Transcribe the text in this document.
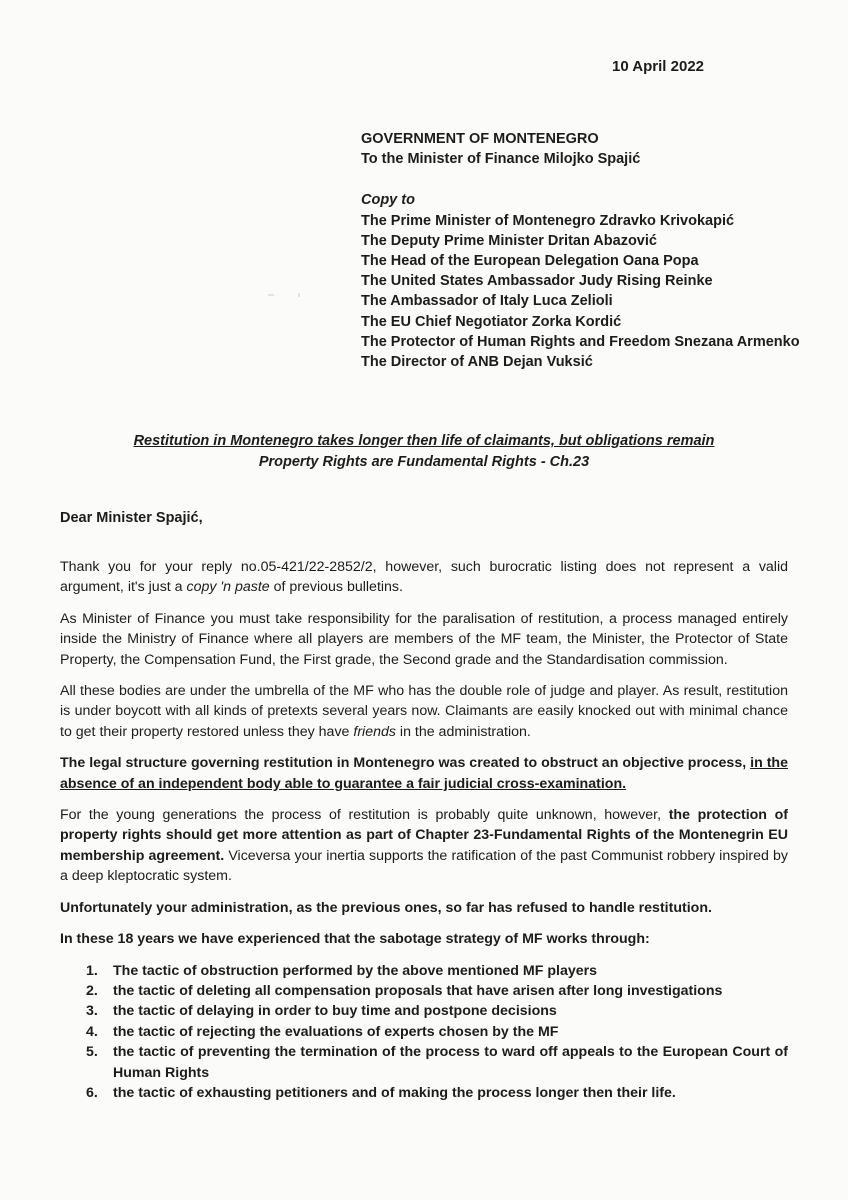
10 April 2022
GOVERNMENT OF MONTENEGRO
To the Minister of Finance Milojko Spajić
Copy to
The Prime Minister of Montenegro Zdravko Krivokapić
The Deputy Prime Minister Dritan Abazović
The Head of the European Delegation Oana Popa
The United States Ambassador Judy Rising Reinke
The Ambassador of Italy Luca Zelioli
The EU Chief Negotiator Zorka Kordić
The Protector of Human Rights and Freedom Snezana Armenko
The Director of ANB Dejan Vuksić
Restitution in Montenegro takes longer then life of claimants, but obligations remain
Property Rights are Fundamental Rights - Ch.23
Dear Minister Spajić,

Thank you for your reply no.05-421/22-2852/2, however, such burocratic listing does not represent a valid argument, it's just a copy 'n paste of previous bulletins.

As Minister of Finance you must take responsibility for the paralisation of restitution, a process managed entirely inside the Ministry of Finance where all players are members of the MF team, the Minister, the Protector of State Property, the Compensation Fund, the First grade, the Second grade and the Standardisation commission.

All these bodies are under the umbrella of the MF who has the double role of judge and player. As result, restitution is under boycott with all kinds of pretexts several years now. Claimants are easily knocked out with minimal chance to get their property restored unless they have friends in the administration.

The legal structure governing restitution in Montenegro was created to obstruct an objective process, in the absence of an independent body able to guarantee a fair judicial cross-examination.

For the young generations the process of restitution is probably quite unknown, however, the protection of property rights should get more attention as part of Chapter 23-Fundamental Rights of the Montenegrin EU membership agreement. Viceversa your inertia supports the ratification of the past Communist robbery inspired by a deep kleptocratic system.

Unfortunately your administration, as the previous ones, so far has refused to handle restitution.

In these 18 years we have experienced that the sabotage strategy of MF works through:

1. The tactic of obstruction performed by the above mentioned MF players
2. the tactic of deleting all compensation proposals that have arisen after long investigations
3. the tactic of delaying in order to buy time and postpone decisions
4. the tactic of rejecting the evaluations of experts chosen by the MF
5. the tactic of preventing the termination of the process to ward off appeals to the European Court of Human Rights
6. the tactic of exhausting petitioners and of making the process longer then their life.
